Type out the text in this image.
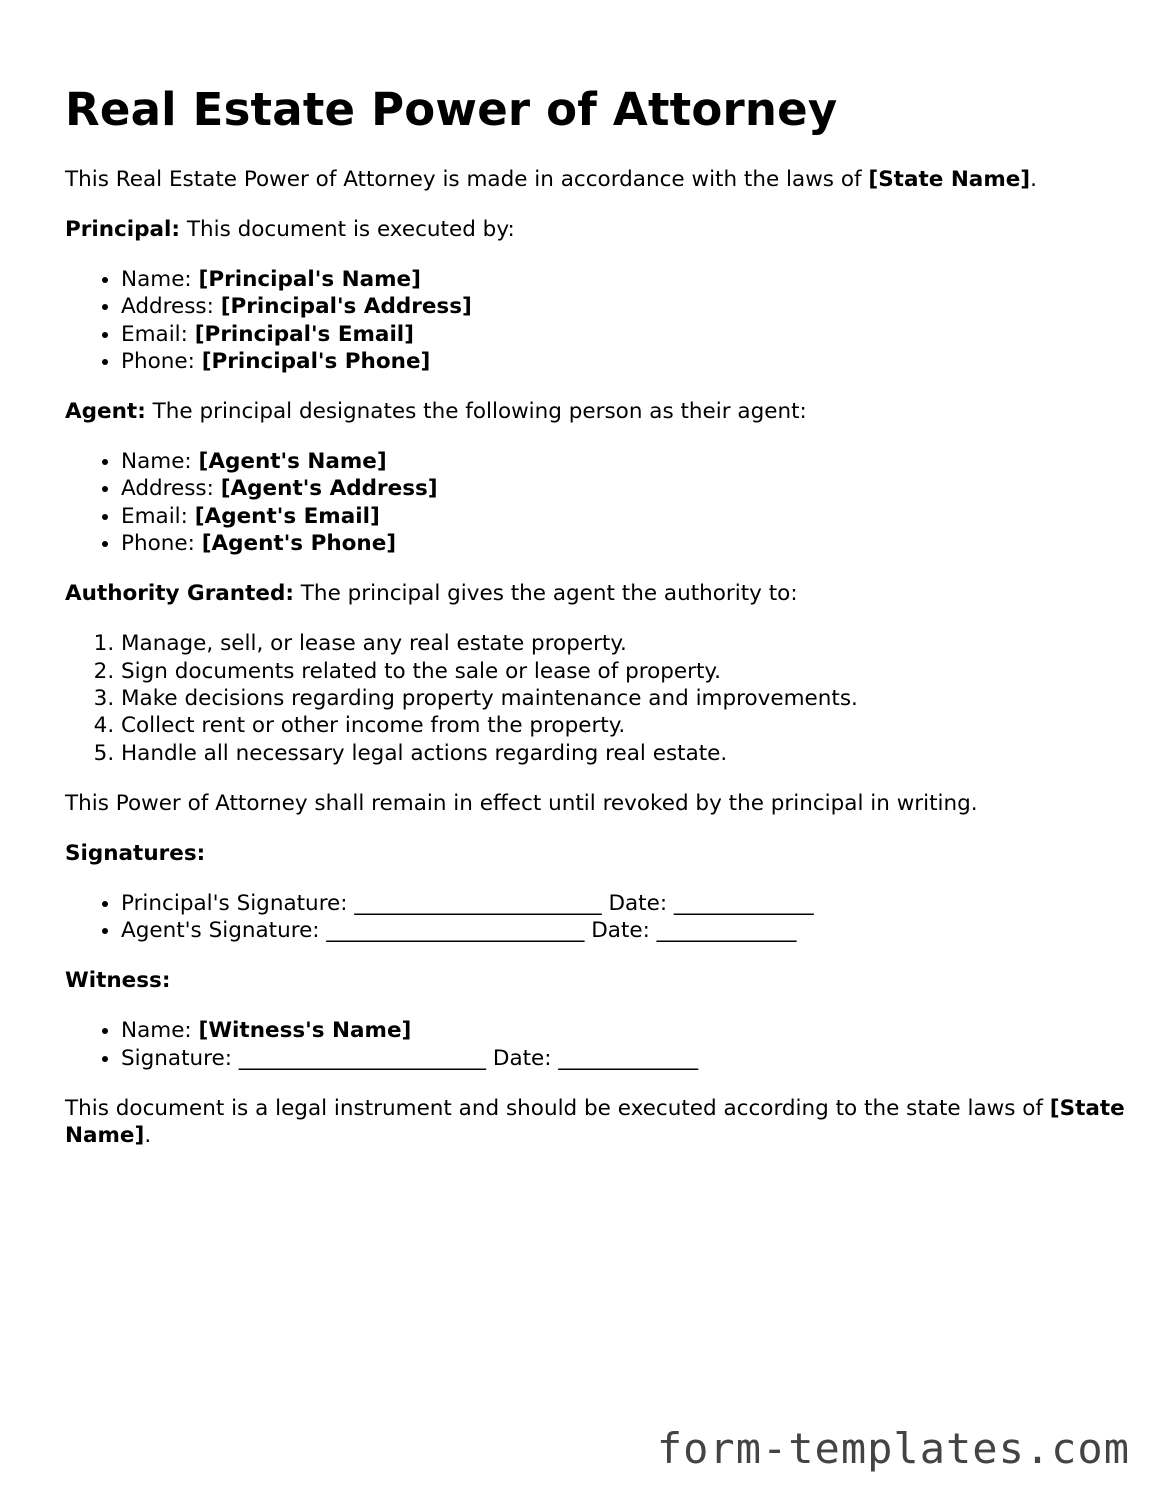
Real Estate Power of Attorney

This Real Estate Power of Attorney is made in accordance with the laws of [State Name].

Principal: This document is executed by:

• Name: [Principal's Name]
• Address: [Principal's Address]
• Email: [Principal's Email]
• Phone: [Principal's Phone]

Agent: The principal designates the following person as their agent:

• Name: [Agent's Name]
• Address: [Agent's Address]
• Email: [Agent's Email]
• Phone: [Agent's Phone]

Authority Granted: The principal gives the agent the authority to:

1. Manage, sell, or lease any real estate property.
2. Sign documents related to the sale or lease of property.
3. Make decisions regarding property maintenance and improvements.
4. Collect rent or other income from the property.
5. Handle all necessary legal actions regarding real estate.

This Power of Attorney shall remain in effect until revoked by the principal in writing.

Signatures:

• Principal's Signature: _______________________ Date: _____________
• Agent's Signature: ________________________ Date: _____________

Witness:

• Name: [Witness's Name]
• Signature: _______________________ Date: _____________

This document is a legal instrument and should be executed according to the state laws of [State Name].

form-templates.com
